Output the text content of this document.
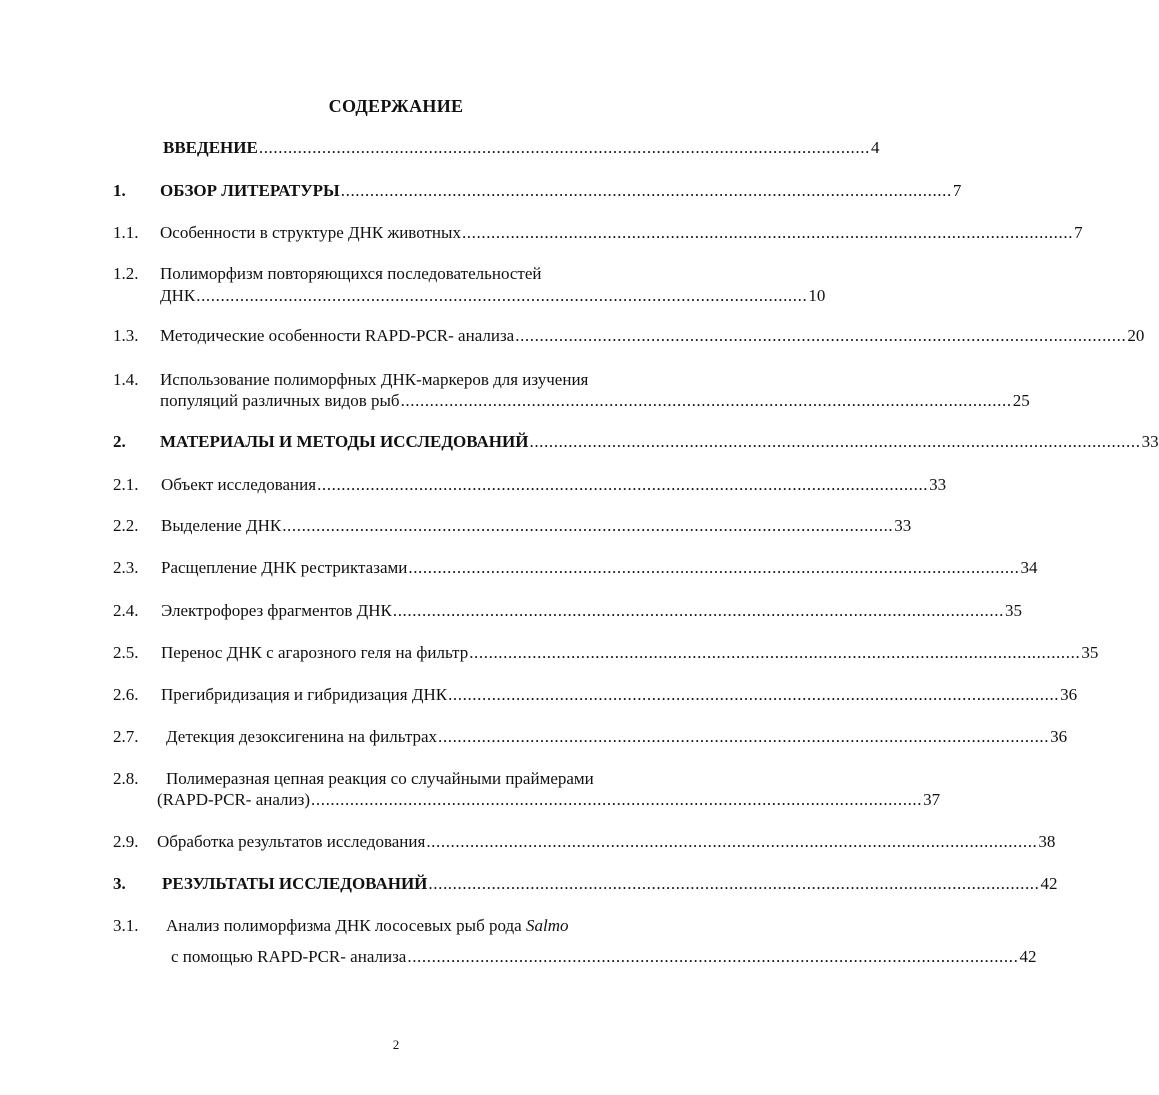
СОДЕРЖАНИЕ
ВВЕДЕНИЕ .............................................................................................................................. 4
1. ОБЗОР ЛИТЕРАТУРЫ .............................................................................................................................. 7
1.1. Особенности в структуре ДНК животных .............................................................................................................................. 7
1.2. Полиморфизм повторяющихся последовательностей
ДНК .............................................................................................................................. 10
1.3. Методические особенности RAPD-PCR- анализа .............................................................................................................................. 20
1.4. Использование полиморфных ДНК-маркеров для изучения
популяций различных видов рыб .............................................................................................................................. 25
2. МАТЕРИАЛЫ И МЕТОДЫ ИССЛЕДОВАНИЙ .............................................................................................................................. 33
2.1. Объект исследования .............................................................................................................................. 33
2.2. Выделение ДНК .............................................................................................................................. 33
2.3. Расщепление ДНК рестриктазами .............................................................................................................................. 34
2.4. Электрофорез фрагментов ДНК .............................................................................................................................. 35
2.5. Перенос ДНК с агарозного геля на фильтр .............................................................................................................................. 35
2.6. Прегибридизация и гибридизация ДНК .............................................................................................................................. 36
2.7. Детекция дезоксигенина на фильтрах .............................................................................................................................. 36
2.8. Полимеразная цепная реакция со случайными праймерами
(RAPD-PCR- анализ) .............................................................................................................................. 37
2.9. Обработка результатов исследования .............................................................................................................................. 38
3. РЕЗУЛЬТАТЫ ИССЛЕДОВАНИЙ .............................................................................................................................. 42
3.1. Анализ полиморфизма ДНК лососевых рыб рода Salmo
с помощью RAPD-PCR- анализа .............................................................................................................................. 42
2
